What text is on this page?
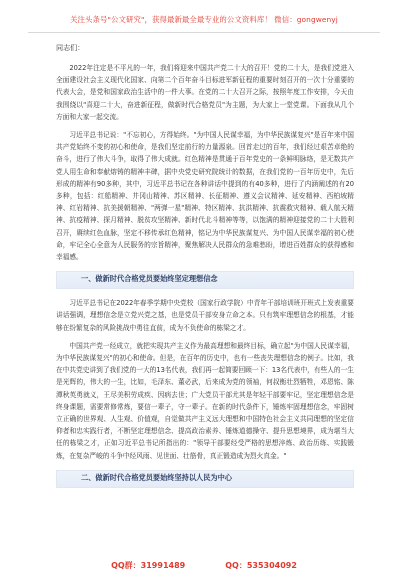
关注头条号"公文研究"，获得最新最全最专业的公文资料库！ 微信：gongwenyj

同志们：

2022年注定是不平凡的一年，我们将迎来中国共产党二十大的召开！党的二十大，是我们党进入全面建设社会主义现代化国家、向第二个百年奋斗目标进军新征程的重要时刻召开的一次十分重要的代表大会，是党和国家政治生活中的一件大事。在党的二十大召开之际，按照年度工作安排，今天由我围绕以"喜迎二十大，奋进新征程，做新时代合格党员"为主题，为大家上一堂党课。下面我从几个方面和大家一起交流。

习近平总书记说："不忘初心，方得始终。"为中国人民谋幸福，为中华民族谋复兴"是百年来中国共产党始终不变的初心和使命，是我们坚定前行的力量源泉。回首走过的百年，我们经过艰苦卓绝的奋斗，进行了伟大斗争，取得了伟大成就。红色精神是贯通于百年党史的一条鲜明脉络，是无数共产党人用生命和奉献熔铸的精神丰碑，据中央党史研究院统计的数据，在我们党的一百年历史中，先后形成的精神有90多种，其中，习近平总书记在各种讲话中提到的有40多种，进行了内涵阐述的有20多种，包括：红船精神、井冈山精神、苏区精神、长征精神、遵义会议精神、延安精神、西柏坡精神、红岩精神、抗美援朝精神、"两弹一星"精神、特区精神、抗洪精神、抗震救灾精神、载人航天精神、抗疫精神、探月精神、脱贫攻坚精神、新时代北斗精神等等，以饱满的精神迎接党的二十大胜利召开，赓续红色血脉，坚定不移传承红色精神，铭记为中华民族谋复兴、为中国人民谋幸福的初心使命，牢记全心全意为人民服务的宗旨精神，聚焦解决人民群众的急难愁盼，增进百姓群众的获得感和幸福感。

一、做新时代合格党员要始终坚定理想信念

习近平总书记在2022年春季学期中央党校（国家行政学院）中青年干部培训班开班式上发表重要讲话强调，理想信念是立党兴党之基，也是党员干部安身立命之本。只有筑牢理想信念的根基，才能够在纷繁复杂的风险挑战中勇往直前，成为不负使命的栋梁之才。

中国共产党一经成立，就把实现共产主义作为最高理想和最终目标，确立起"为中国人民谋幸福，为中华民族谋复兴"的初心和使命。但是，在百年的历史中，也有一些丧失理想信念的例子。比如，我在中共党史讲到了我们党的一大的13名代表，我们再一起简要回顾一下：13名代表中，有些人的一生是光辉的，伟大的一生，比如，毛泽东、董必武，后来成为党的领袖，何叔衡壮烈牺牲，邓恩铭、陈潭秋英勇就义，王尽美积劳成疾、因病去世；广大党员干部尤其是年轻干部要牢记，坚定理想信念是终身课题，需要常修常炼，要信一辈子，守一辈子。在新的时代条件下，锤炼牢固理想信念，牢固树立正确的世界观、人生观、价值观，自觉做共产主义远大理想和中国特色社会主义共同理想的坚定信仰者和忠实践行者，不断坚定理想信念、提高政治素养、锤炼道德操守、提升思想境界，成为堪当大任的栋梁之才，正如习近平总书记所指出的："领导干部要经受严格的思想淬炼、政治历练、实践锻炼，在复杂严峻的斗争中经风雨、见世面、壮筋骨，真正锻造成为烈火真金。"

二、做新时代合格党员要始终坚持以人民为中心
QQ群：31991489	QQ：535304092
